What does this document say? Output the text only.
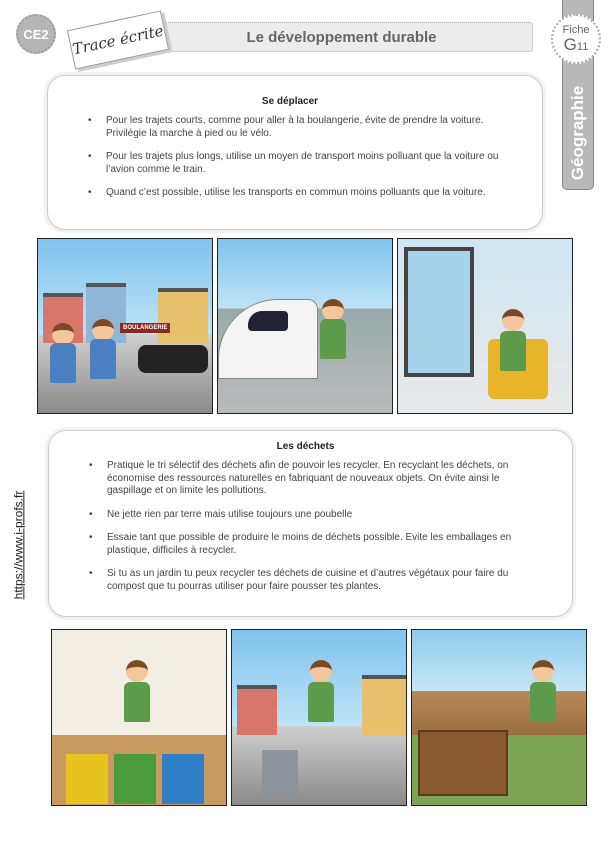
Géographie
CE2	Le développement durable
Trace écrite	Fiche
G11
Se déplacer
• Pour les trajets courts, comme pour aller à la boulangerie, évite de prendre la voiture. Privilégie la marche à pied ou le vélo.
• Pour les trajets plus longs, utilise un moyen de transport moins polluant que la voiture ou l’avion comme le train.
• Quand c’est possible, utilise les transports en commun moins polluants que la voiture.
BOULANGERIE
https://www.i-profs.fr
Les déchets
• Pratique le tri sélectif des déchets afin de pouvoir les recycler. En recyclant les déchets, on économise des ressources naturelles en fabriquant de nouveaux objets. On évite ainsi le gaspillage et on limite les pollutions.
• Ne jette rien par terre mais utilise toujours une poubelle
• Essaie tant que possible de produire le moins de déchets possible. Evite les emballages en plastique, difficiles à recycler.
• Si tu as un jardin tu peux recycler tes déchets de cuisine et d’autres végétaux pour faire du compost que tu pourras utiliser pour faire pousser tes plantes.
